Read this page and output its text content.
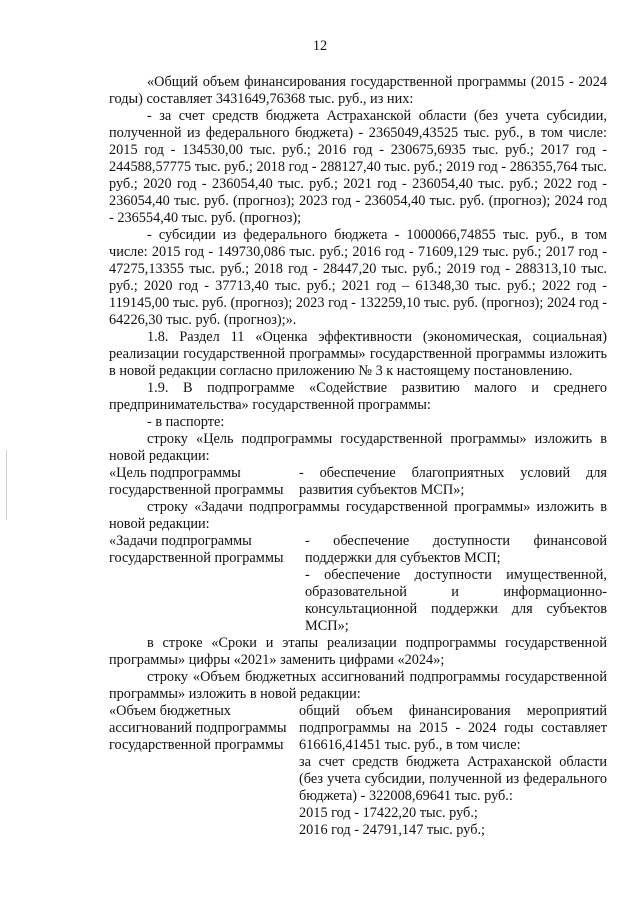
12

«Общий объем финансирования государственной программы (2015 - 2024 годы) составляет 3431649,76368 тыс. руб., из них:

- за счет средств бюджета Астраханской области (без учета субсидии, полученной из федерального бюджета) - 2365049,43525 тыс. руб., в том числе: 2015 год - 134530,00 тыс. руб.; 2016 год - 230675,6935 тыс. руб.; 2017 год - 244588,57775 тыс. руб.; 2018 год - 288127,40 тыс. руб.; 2019 год - 286355,764 тыс. руб.; 2020 год - 236054,40 тыс. руб.; 2021 год - 236054,40 тыс. руб.; 2022 год - 236054,40 тыс. руб. (прогноз); 2023 год - 236054,40 тыс. руб. (прогноз); 2024 год - 236554,40 тыс. руб. (прогноз);

- субсидии из федерального бюджета - 1000066,74855 тыс. руб., в том числе: 2015 год - 149730,086 тыс. руб.; 2016 год - 71609,129 тыс. руб.; 2017 год - 47275,13355 тыс. руб.; 2018 год - 28447,20 тыс. руб.; 2019 год - 288313,10 тыс. руб.; 2020 год - 37713,40 тыс. руб.; 2021 год – 61348,30 тыс. руб.; 2022 год - 119145,00 тыс. руб. (прогноз); 2023 год - 132259,10 тыс. руб. (прогноз); 2024 год - 64226,30 тыс. руб. (прогноз);».

1.8. Раздел 11 «Оценка эффективности (экономическая, социальная) реализации государственной программы» государственной программы изложить в новой редакции согласно приложению № 3 к настоящему постановлению.

1.9. В подпрограмме «Содействие развитию малого и среднего предпринимательства» государственной программы:

- в паспорте:

строку «Цель подпрограммы государственной программы» изложить в новой редакции:

«Цель подпрограммы государственной программы

- обеспечение благоприятных условий для развития субъектов МСП»;

строку «Задачи подпрограммы государственной программы» изложить в новой редакции:

«Задачи подпрограммы государственной программы

- обеспечение доступности финансовой поддержки для субъектов МСП;

- обеспечение доступности имущественной, образовательной и информационно-консультационной поддержки для субъектов МСП»;

в строке «Сроки и этапы реализации подпрограммы государственной программы» цифры «2021» заменить цифрами «2024»;

строку «Объем бюджетных ассигнований подпрограммы государственной программы» изложить в новой редакции:

«Объем бюджетных ассигнований подпрограммы государственной программы

общий объем финансирования мероприятий подпрограммы на 2015 - 2024 годы составляет 616616,41451 тыс. руб., в том числе:

за счет средств бюджета Астраханской области (без учета субсидии, полученной из федерального бюджета) - 322008,69641 тыс. руб.:

2015 год - 17422,20 тыс. руб.;

2016 год - 24791,147 тыс. руб.;
